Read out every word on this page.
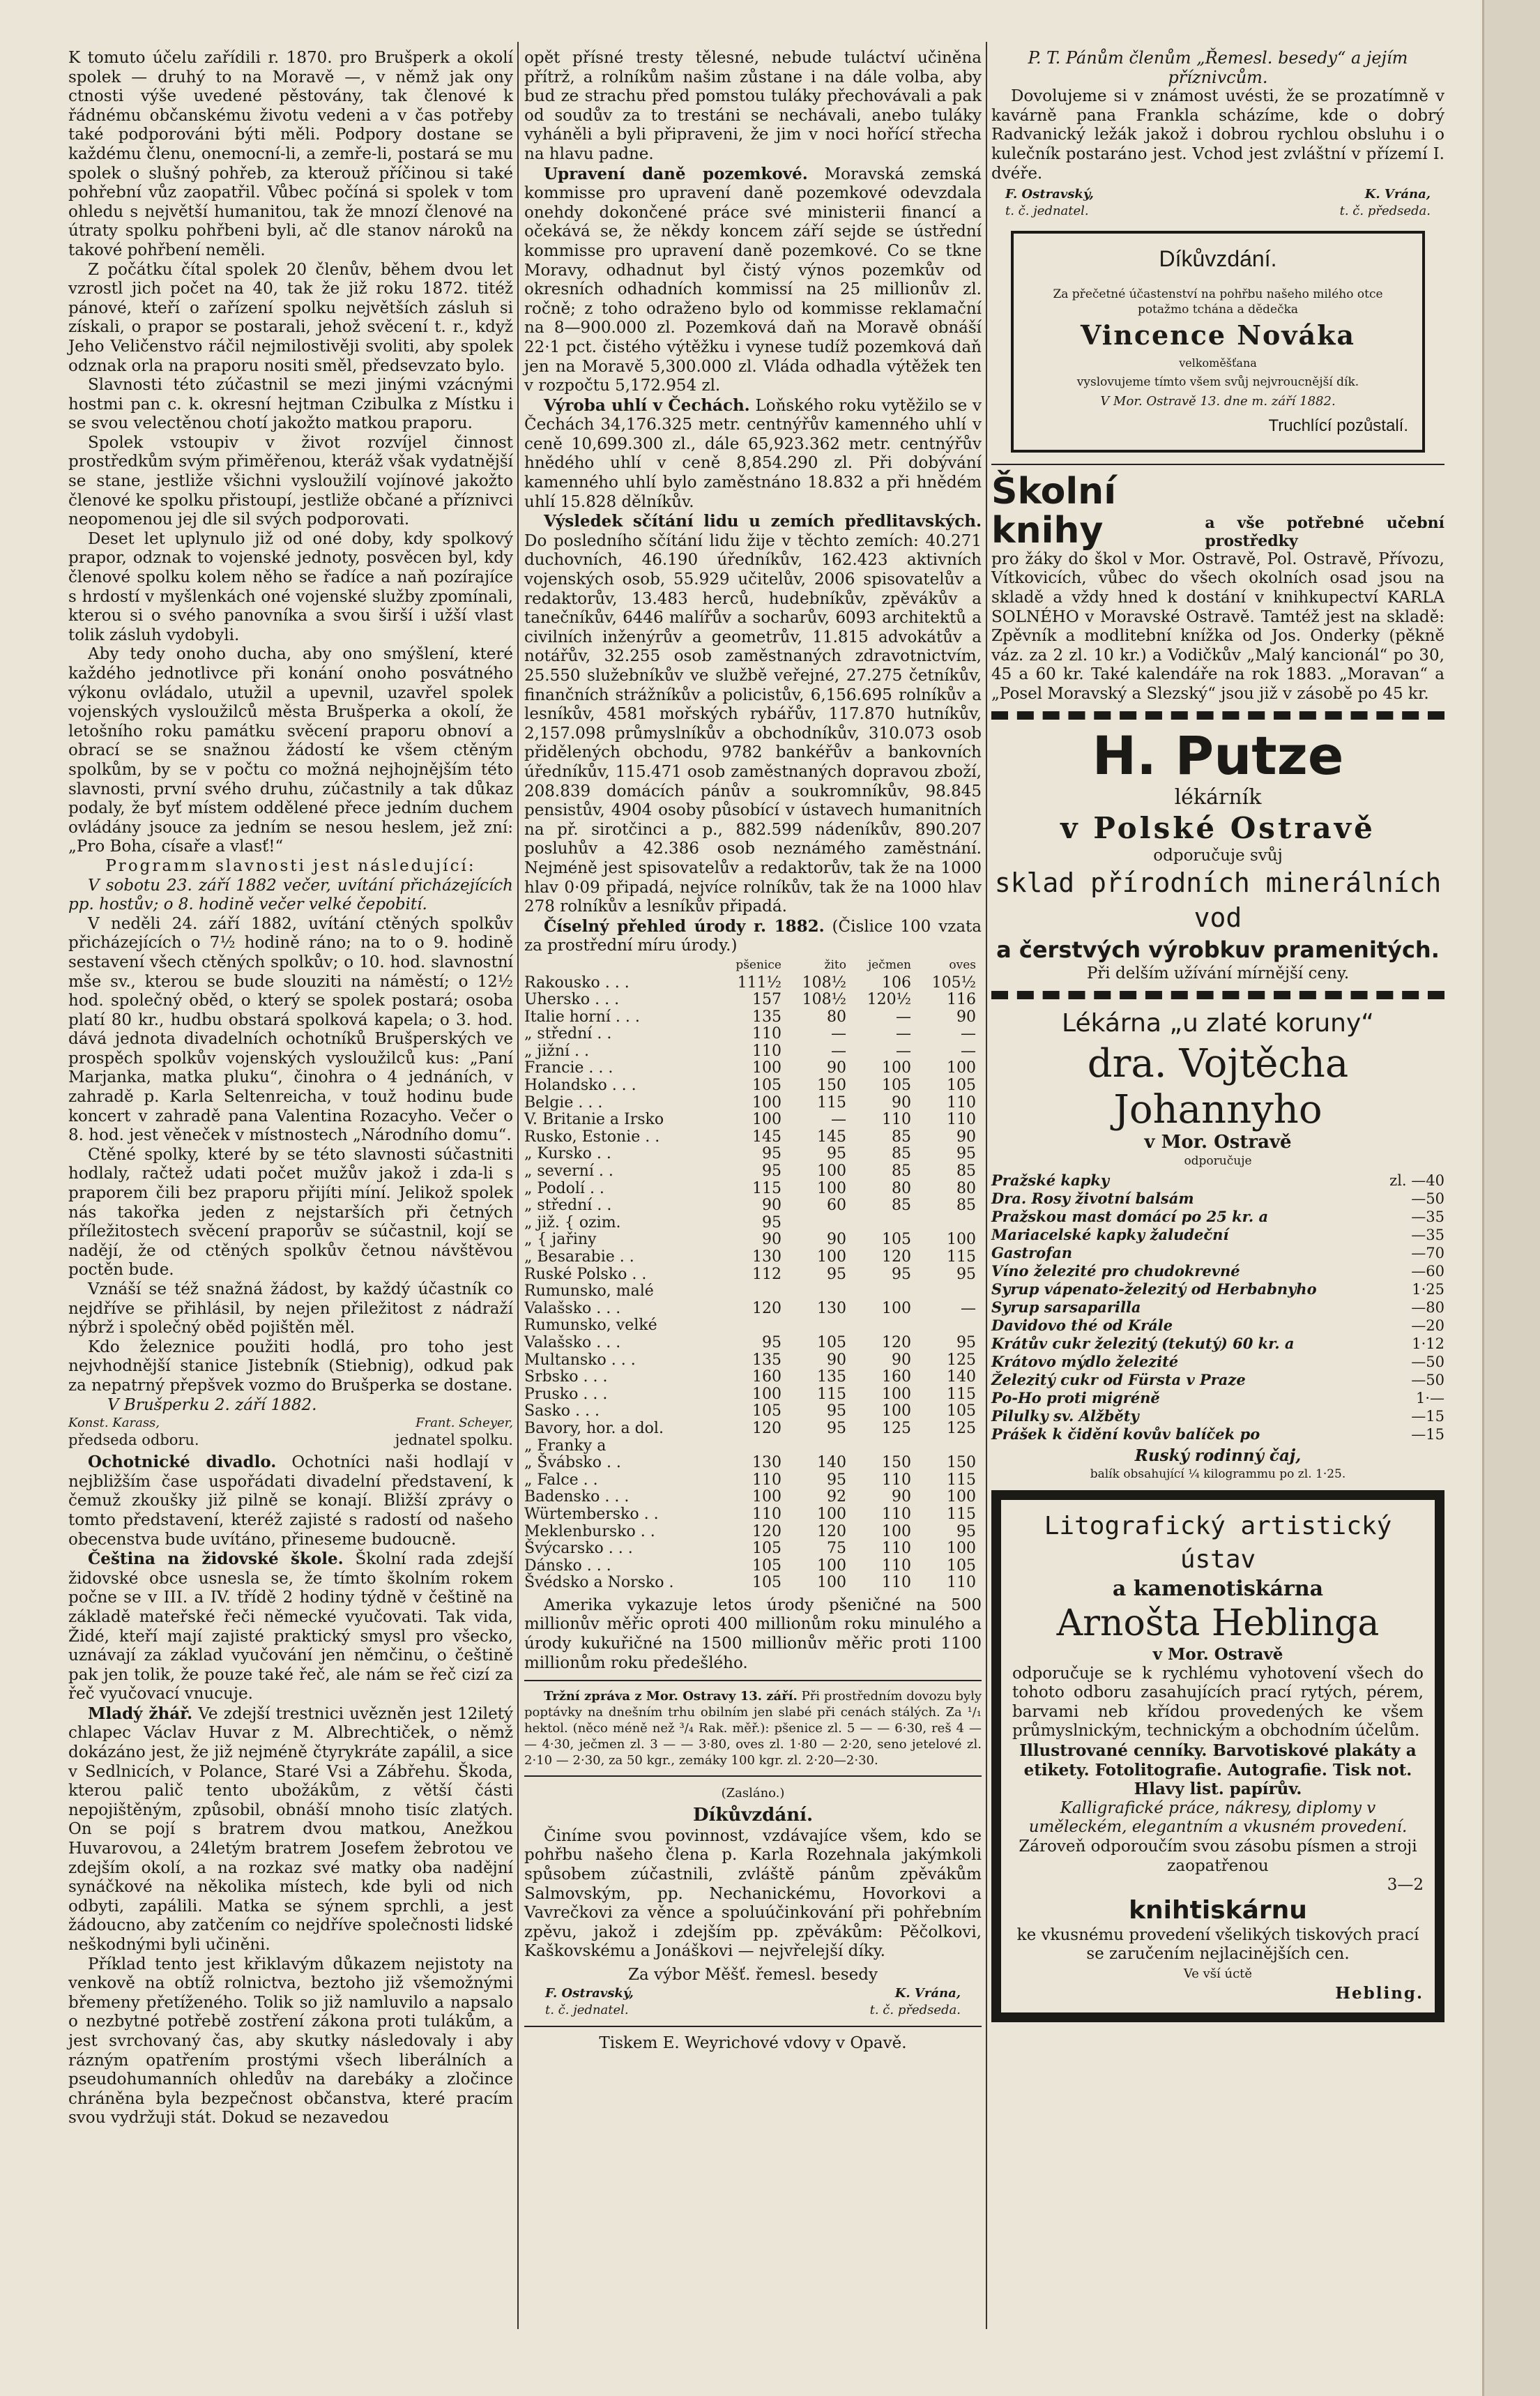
K tomuto účelu zařídili r. 1870. pro Brušperk a okolí spolek — druhý to na Moravě —, v němž jak ony ctnosti výše uvedené pěstovány, tak členové k řádnému občanskému životu vedeni a v čas potřeby také podporováni býti měli. Podpory dostane se každému členu, onemocní-li, a zemře-li, postará se mu spolek o slušný pohřeb, za kterouž příčinou si také pohřební vůz zaopatřil. Vůbec počíná si spolek v tom ohledu s největší humanitou, tak že mnozí členové na útraty spolku pohřbeni byli, ač dle stanov nároků na takové pohřbení neměli.

Z počátku čítal spolek 20 členův, během dvou let vzrostl jich počet na 40, tak že již roku 1872. titéž pánové, kteří o zařízení spolku největších zásluh si získali, o prapor se postarali, jehož svěcení t. r., když Jeho Veličenstvo ráčil nejmilostivěji svoliti, aby spolek odznak orla na praporu nositi směl, předsevzato bylo.

Slavnosti této zúčastnil se mezi jinými vzácnými hostmi pan c. k. okresní hejtman Czibulka z Místku i se svou velectěnou chotí jakožto matkou praporu.

Spolek vstoupiv v život rozvíjel činnost prostředkům svým přiměřenou, kteráž však vydatnější se stane, jestliže všichni vysloužilí vojínové jakožto členové ke spolku přistoupí, jestliže občané a příznivci neopomenou jej dle sil svých podporovati.

Deset let uplynulo již od oné doby, kdy spolkový prapor, odznak to vojenské jednoty, posvěcen byl, kdy členové spolku kolem něho se řadíce a naň pozírajíce s hrdostí v myšlenkách oné vojenské služby zpomínali, kterou si o svého panovníka a svou širší i užší vlast tolik zásluh vydobyli.

Aby tedy onoho ducha, aby ono smýšlení, které každého jednotlivce při konání onoho posvátného výkonu ovládalo, utužil a upevnil, uzavřel spolek vojenských vysloužilců města Brušperka a okolí, že letošního roku památku svěcení praporu obnoví a obrací se se snažnou žádostí ke všem ctěným spolkům, by se v počtu co možná nejhojnějším této slavnosti, první svého druhu, zúčastnily a tak důkaz podaly, že byť místem oddělené přece jedním duchem ovládány jsouce za jedním se nesou heslem, jež zní: „Pro Boha, císaře a vlasť!“

Programm slavnosti jest následující:

V sobotu 23. září 1882 večer, uvítání přicházejících pp. hostův; o 8. hodině večer velké čepobití.

V neděli 24. září 1882, uvítání ctěných spolkův přicházejících o 7½ hodině ráno; na to o 9. hodině sestavení všech ctěných spolkův; o 10. hod. slavnostní mše sv., kterou se bude slouziti na náměstí; o 12½ hod. společný oběd, o který se spolek postará; osoba platí 80 kr., hudbu obstará spolková kapela; o 3. hod. dává jednota divadelních ochotníků Brušperských ve prospěch spolkův vojenských vysloužilců kus: „Paní Marjanka, matka pluku“, činohra o 4 jednáních, v zahradě p. Karla Seltenreicha, v touž hodinu bude koncert v zahradě pana Valentina Rozacyho. Večer o 8. hod. jest věneček v místnostech „Národního domu“.

Ctěné spolky, které by se této slavnosti súčastniti hodlaly, račtež udati počet mužův jakož i zda-li s praporem čili bez praporu přijíti míní. Jelikož spolek nás takořka jeden z nejstarších při četných příležitostech svěcení praporův se súčastnil, kojí se nadějí, že od ctěných spolkův četnou návštěvou poctěn bude.

Vznáší se též snažná žádost, by každý účastník co nejdříve se přihlásil, by nejen přiležitost z nádraží nýbrž i společný oběd pojištěn měl.

Kdo železnice použiti hodlá, pro toho jest nejvhodnější stanice Jistebník (Stiebnig), odkud pak za nepatrný přepšvek vozmo do Brušperka se dostane.

V Brušperku 2. září 1882.

Konst. Karass,	Frant. Scheyer,
předseda odboru.	jednatel spolku.

Ochotnické divadlo. Ochotníci naši hodlají v nejbližším čase uspořádati divadelní představení, k čemuž zkoušky již pilně se konají. Bližší zprávy o tomto představení, kteréž zajisté s radostí od našeho obecenstva bude uvítáno, přineseme budoucně.

Čeština na židovské škole. Školní rada zdejší židovské obce usnesla se, že tímto školním rokem počne se v III. a IV. třídě 2 hodiny týdně v češtině na základě mateřské řeči německé vyučovati. Tak vida, Židé, kteří mají zajisté praktický smysl pro všecko, uznávají za základ vyučování jen němčinu, o češtině pak jen tolik, že pouze také řeč, ale nám se řeč cizí za řeč vyučovací vnucuje.

Mladý žhář. Ve zdejší trestnici uvězněn jest 12iletý chlapec Václav Huvar z M. Albrechtiček, o němž dokázáno jest, že již nejméně čtyrykráte zapálil, a sice v Sedlnicích, v Polance, Staré Vsi a Zábřehu. Škoda, kterou palič tento ubožákům, z větší části nepojištěným, způsobil, obnáší mnoho tisíc zlatých. On se pojí s bratrem dvou matkou, Anežkou Huvarovou, a 24letým bratrem Josefem žebrotou ve zdejším okolí, a na rozkaz své matky oba nadějní synáčkové na několika místech, kde byli od nich odbyti, zapálili. Matka se sýnem sprchli, a jest žádoucno, aby zatčením co nejdříve společnosti lidské neškodnými byli učiněni.

Příklad tento jest křiklavým důkazem nejistoty na venkově na obtíž rolnictva, beztoho již všemožnými břemeny přetíženého. Tolik so již namluvilo a napsalo o nezbytné potřebě zostření zákona proti tulákům, a jest svrchovaný čas, aby skutky následovaly i aby rázným opatřením prostými všech liberálních a pseudohumanních ohledův na darebáky a zločince chráněna byla bezpečnost občanstva, které pracím svou vydržuji stát. Dokud se nezavedou

opět přísné tresty tělesné, nebude tuláctví učiněna přítrž, a rolníkům našim zůstane i na dále volba, aby bud ze strachu před pomstou tuláky přechovávali a pak od soudův za to trestáni se nechávali, anebo tuláky vyháněli a byli připraveni, že jim v noci hořící střecha na hlavu padne.

Upravení daně pozemkové. Moravská zemská kommisse pro upravení daně pozemkové odevzdala onehdy dokončené práce své ministerii financí a očekává se, že někdy koncem září sejde se ústřední kommisse pro upravení daně pozemkové. Co se tkne Moravy, odhadnut byl čistý výnos pozemkův od okresních odhadních kommissí na 25 millionův zl. ročně; z toho odraženo bylo od kommisse reklamační na 8—900.000 zl. Pozemková daň na Moravě obnáší 22·1 pct. čistého výtěžku i vynese tudíž pozemková daň jen na Moravě 5,300.000 zl. Vláda odhadla výtěžek ten v rozpočtu 5,172.954 zl.

Výroba uhlí v Čechách. Loňského roku vytěžilo se v Čechách 34,176.325 metr. centnýřův kamenného uhlí v ceně 10,699.300 zl., dále 65,923.362 metr. centnýřův hnědého uhlí v ceně 8,854.290 zl. Při dobývání kamenného uhlí bylo zaměstnáno 18.832 a při hnědém uhlí 15.828 dělníkův.

Výsledek sčítání lidu u zemích předlitavských. Do posledního sčítání lidu žije v těchto zemích: 40.271 duchovních, 46.190 úředníkův, 162.423 aktivních vojenských osob, 55.929 učitelův, 2006 spisovatelův a redaktorův, 13.483 herců, hudebníkův, zpěvákův a tanečníkův, 6446 malířův a socharův, 6093 architektů a civilních inženýrův a geometrův, 11.815 advokátův a notářův, 32.255 osob zaměstnaných zdravotnictvím, 25.550 služebníkův ve službě veřejné, 27.275 četníkův, finančních strážníkův a policistův, 6,156.695 rolníkův a lesníkův, 4581 mořských rybářův, 117.870 hutníkův, 2,157.098 průmyslníkův a obchodníkův, 310.073 osob přidělených obchodu, 9782 bankéřův a bankovních úředníkův, 115.471 osob zaměstnaných dopravou zboží, 208.839 domácích pánův a soukromníkův, 98.845 pensistův, 4904 osoby působící v ústavech humanitních na př. sirotčinci a p., 882.599 nádeníkův, 890.207 posluhův a 42.386 osob neznámého zaměstnání. Nejméně jest spisovatelův a redaktorův, tak že na 1000 hlav 0·09 připadá, nejvíce rolníkův, tak že na 1000 hlav 278 rolníkův a lesníkův připadá.

Číselný přehled úrody r. 1882. (Čislice 100 vzata za prostřední míru úrody.)

	pšenice	žito	ječmen	oves
Rakousko . . .	111½	108½	106	105½
Uhersko . . .	157	108½	120½	116
Italie horní . . .	135	80	—	90
„ střední . .	110	—	—	—
„ jižní . .	110	—	—	—
Francie . . .	100	90	100	100
Holandsko . . .	105	150	105	105
Belgie . . .	100	115	90	110
V. Britanie a Irsko	100	—	110	110
Rusko, Estonie . .	145	145	85	90
„ Kursko . .	95	95	85	95
„ severní . .	95	100	85	85
„ Podolí . .	115	100	80	80
„ střední . .	90	60	85	85
„ již. { ozim.	95			
„ { jařiny	90	90	105	100
„ Besarabie . .	130	100	120	115
Ruské Polsko . .	112	95	95	95
Rumunsko, malé				
Valašsko . . .	120	130	100	—
Rumunsko, velké				
Valašsko . . .	95	105	120	95
Multansko . . .	135	90	90	125
Srbsko . . .	160	135	160	140
Prusko . . .	100	115	100	115
Sasko . . .	105	95	100	105
Bavory, hor. a dol.	120	95	125	125
„ Franky a				
„ Švábsko . .	130	140	150	150
„ Falce . .	110	95	110	115
Badensko . . .	100	92	90	100
Würtembersko . .	110	100	110	115
Meklenbursko . .	120	120	100	95
Švýcarsko . . .	105	75	110	100
Dánsko . . .	105	100	110	105
Švédsko a Norsko .	105	100	110	110

Amerika vykazuje letos úrody pšeničné na 500 millionův měřic oproti 400 millionům roku minulého a úrody kukuřičné na 1500 millionův měřic proti 1100 millionům roku předešlého.

Tržní zpráva z Mor. Ostravy 13. září. Při prostředním dovozu byly poptávky na dnešním trhu obilním jen slabé při cenách stálých. Za ¹/₁ hektol. (něco méně než ³/₄ Rak. měř.): pšenice zl. 5 — — 6·30, reš 4 — — 4·30, ječmen zl. 3 — — 3·80, oves zl. 1·80 — 2·20, seno jetelové zl. 2·10 — 2·30, za 50 kgr., zemáky 100 kgr. zl. 2·20—2·30.

(Zasláno.)

Díkůvzdání.

Činíme svou povinnost, vzdávajíce všem, kdo se pohřbu našeho člena p. Karla Rozehnala jakýmkoli spůsobem zúčastnili, zvláště pánům zpěvákům Salmovským, pp. Nechanickému, Hovorkovi a Vavrečkovi za věnce a spoluúčinkování při pohřebním zpěvu, jakož i zdejším pp. zpěvákům: Pěčolkovi, Kaškovskému a Jonáškovi — nejvřelejší díky.

Za výbor Měšť. řemesl. besedy

F. Ostravský,	K. Vrána,
t. č. jednatel.	t. č. předseda.

Tiskem E. Weyrichové vdovy v Opavě.

P. T. Pánům členům „Řemesl. besedy“ a jejím příznivcům.

Dovolujeme si v známost uvésti, že se prozatímně v kavárně pana Frankla scházíme, kde o dobrý Radvanický ležák jakož i dobrou rychlou obsluhu i o kulečník postaráno jest. Vchod jest zvláštní v přízemí I. dvéře.

F. Ostravský,	K. Vrána,
t. č. jednatel.	t. č. předseda.
Díkůvzdání.
Za přečetné účastenství na pohřbu našeho milého otce potažmo tchána a dědečka
Vincence Nováka
velkoměšťana
vyslovujeme tímto všem svůj nejvroucnější dík.
V Mor. Ostravě 13. dne m. září 1882.
Truchlící pozůstalí.
Školní knihy	a vše potřebné učební prostředky

pro žáky do škol v Mor. Ostravě, Pol. Ostravě, Přívozu, Vítkovicích, vůbec do všech okolních osad jsou na skladě a vždy hned k dostání v knihkupectví KARLA SOLNÉHO v Moravské Ostravě. Tamtéž jest na skladě: Zpěvník a modlitební knížka od Jos. Onderky (pěkně váz. za 2 zl. 10 kr.) a Vodičkův „Malý kancionál“ po 30, 45 a 60 kr. Také kalendáře na rok 1883. „Moravan“ a „Posel Moravský a Slezský“ jsou již v zásobě po 45 kr.

H. Putze

lékárník

v Polské Ostravě

odporučuje svůj

sklad přírodních minerálních vod

a čerstvých výrobkuv pramenitých.

Při delším užívání mírnější ceny.

Lékárna „u zlaté koruny“

dra. Vojtěcha Johannyho

v Mor. Ostravě

odporučuje

Pražské kapky	zl. —40
Dra. Rosy životní balsám	—50
Pražskou mast domácí po 25 kr. a	—35
Mariacelské kapky žaludeční	—35
Gastrofan	—70
Víno železité pro chudokrevné	—60
Syrup vápenato-železitý od Herbabnyho	1·25
Syrup sarsaparilla	—80
Davidovo thé od Krále	—20
Krátův cukr železitý (tekutý) 60 kr. a	1·12
Krátovo mýdlo železité	—50
Železitý cukr od Fürsta v Praze	—50
Po-Ho proti migréně	1·—
Pilulky sv. Alžběty	—15
Prášek k čidění kovův balíček po	—15

Ruský rodinný čaj,

balík obsahující ¼ kilogrammu po zl. 1·25.

Litografický artistický ústav

a kamenotiskárna

Arnošta Heblinga

v Mor. Ostravě

odporučuje se k rychlému vyhotovení všech do tohoto odboru zasahujících prací rytých, pérem, barvami neb křídou provedených ke všem průmyslnickým, technickým a obchodním účelům.

Illustrované cenníky. Barvotiskové plakáty a etikety. Fotolitografie. Autografie. Tisk not. Hlavy list. papírův.

Kalligrafické práce, nákresy, diplomy v uměleckém, elegantním a vkusném provedení.

Zároveň odporoučím svou zásobu písmen a stroji zaopatřenou

3—2

knihtiskárnu

ke vkusnému provedení všelikých tiskových prací se zaručením nejlacinějších cen.

Ve vší úctě

Hebling.
